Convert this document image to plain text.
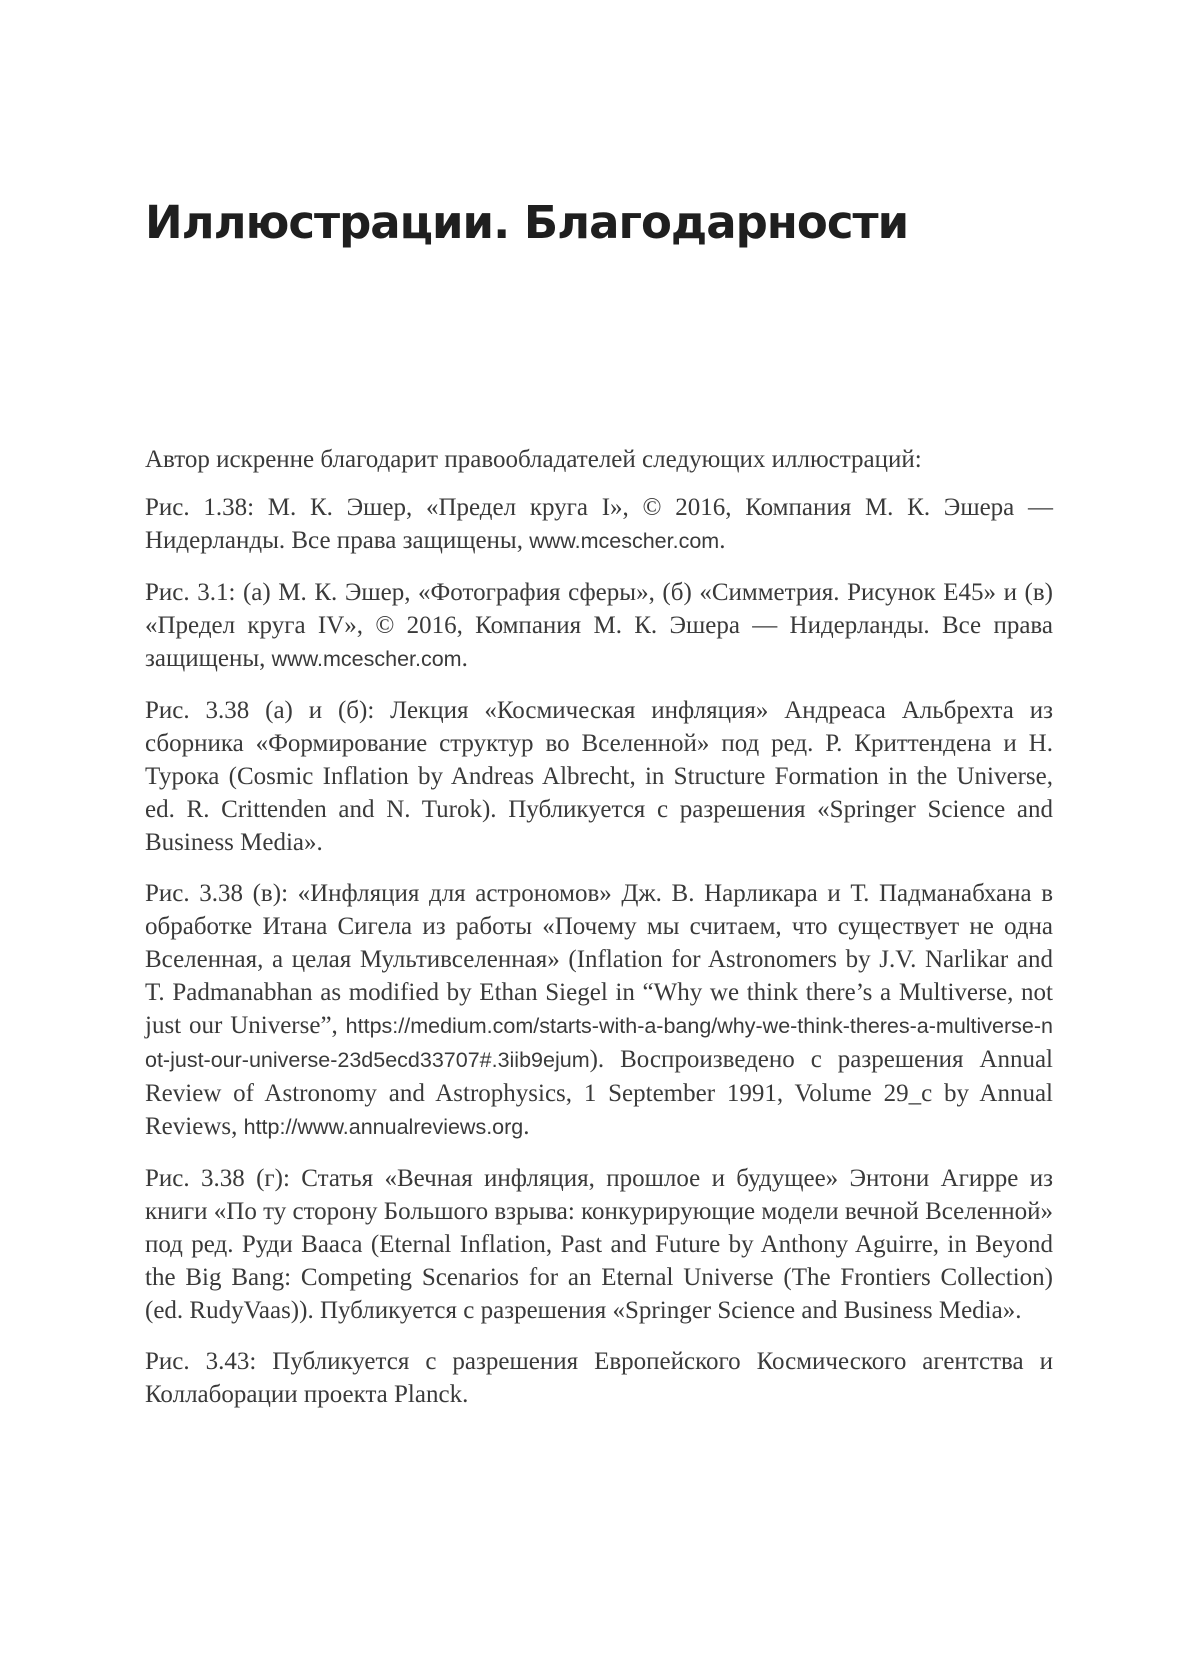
Иллюстрации. Благодарности

Автор искренне благодарит правообладателей следующих иллюстраций:

Рис. 1.38: М. К. Эшер, «Предел круга I», © 2016, Компания М. К. Эшера — Нидерланды. Все права защищены, www.mcescher.com.

Рис. 3.1: (а) М. К. Эшер, «Фотография сферы», (б) «Симметрия. Рисунок E45» и (в) «Предел круга IV», © 2016, Компания М. К. Эшера — Нидерланды. Все права защищены, www.mcescher.com.

Рис. 3.38 (а) и (б): Лекция «Космическая инфляция» Андреаса Альбрехта из сборника «Формирование структур во Вселенной» под ред. Р. Криттендена и Н. Турока (Cosmic Inflation by Andreas Albrecht, in Structure Formation in the Universe, ed. R. Crittenden and N. Turok). Публикуется с разрешения «Springer Science and Business Media».

Рис. 3.38 (в): «Инфляция для астрономов» Дж. В. Нарликара и Т. Падманабхана в обработке Итана Сигела из работы «Почему мы считаем, что существует не одна Вселенная, а целая Мультивселенная» (Inflation for Astronomers by J.V. Narlikar and T. Padmanabhan as modified by Ethan Siegel in “Why we think there’s a Multiverse, not just our Universe”, https://medium.com/starts-with-a-bang/why-we-think-theres-a-multiverse-not-just-our-universe-23d5ecd33707#.3iib9ejum). Воспроизведено с разрешения Annual Review of Astronomy and Astrophysics, 1 September 1991, Volume 29_c by Annual Reviews, http://www.annualreviews.org.

Рис. 3.38 (г): Статья «Вечная инфляция, прошлое и будущее» Энтони Агирре из книги «По ту сторону Большого взрыва: конкурирующие модели вечной Вселенной» под ред. Руди Вааса (Eternal Inflation, Past and Future by Anthony Aguirre, in Beyond the Big Bang: Competing Scenarios for an Eternal Universe (The Frontiers Collection) (ed. RudyVaas)). Публикуется с разрешения «Springer Science and Business Media».

Рис. 3.43: Публикуется с разрешения Европейского Космического агентства и Коллаборации проекта Planck.
